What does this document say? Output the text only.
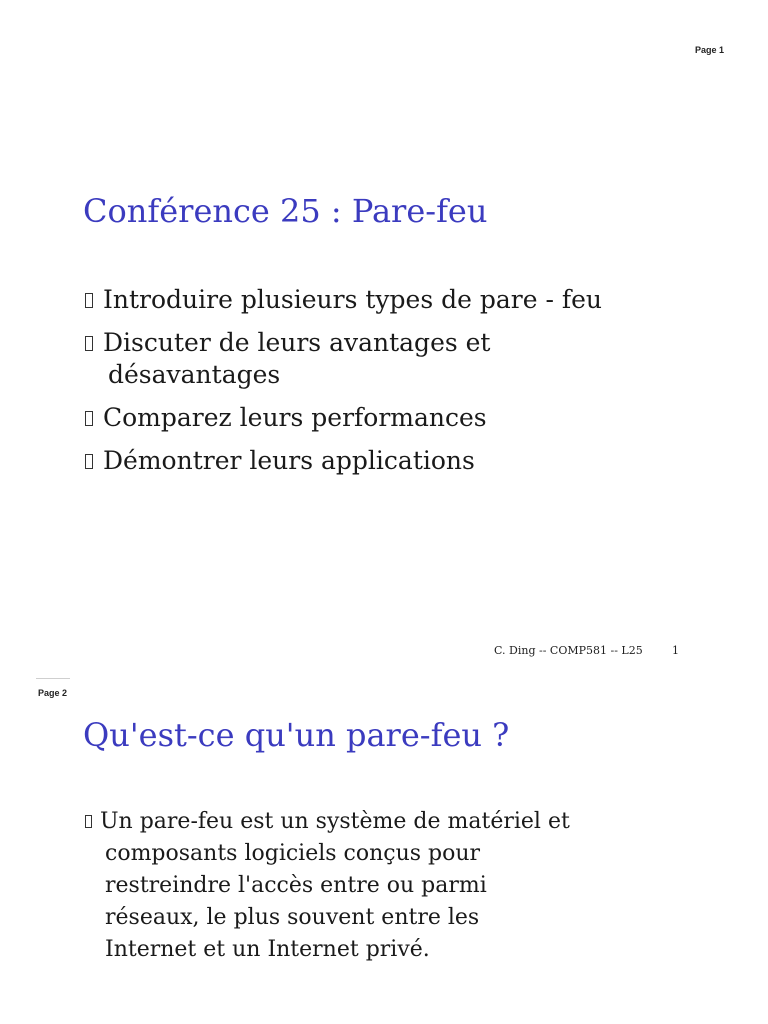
Page 1
Conférence 25 : Pare-feu
Introduire plusieurs types de pare - feu
Discuter de leurs avantages et
désavantages
Comparez leurs performances
Démontrer leurs applications
C. Ding -- COMP581 -- L25	1
Page 2
Qu'est-ce qu'un pare-feu ?
Un pare-feu est un système de matériel et
composants logiciels conçus pour
restreindre l'accès entre ou parmi
réseaux, le plus souvent entre les
Internet et un Internet privé.
